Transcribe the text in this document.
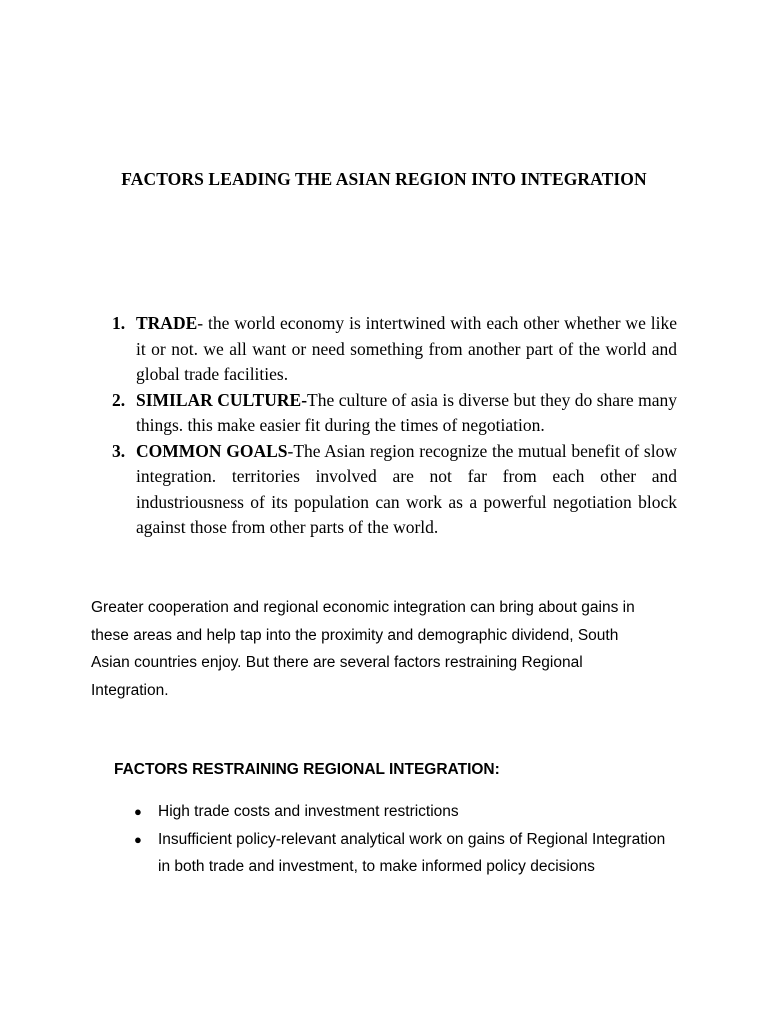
FACTORS LEADING THE ASIAN REGION INTO INTEGRATION
1. TRADE- the world economy is intertwined with each other whether we like it or not. we all want or need something from another part of the world and global trade facilities.
2. SIMILAR CULTURE-The culture of asia is diverse but they do share many things. this make easier fit during the times of negotiation.
3. COMMON GOALS-The Asian region recognize the mutual benefit of slow integration. territories involved are not far from each other and industriousness of its population can work as a powerful negotiation block against those from other parts of the world.

Greater cooperation and regional economic integration can bring about gains in these areas and help tap into the proximity and demographic dividend, South Asian countries enjoy. But there are several factors restraining Regional Integration.

FACTORS RESTRAINING REGIONAL INTEGRATION:
● High trade costs and investment restrictions
● Insufficient policy-relevant analytical work on gains of Regional Integration in both trade and investment, to make informed policy decisions
